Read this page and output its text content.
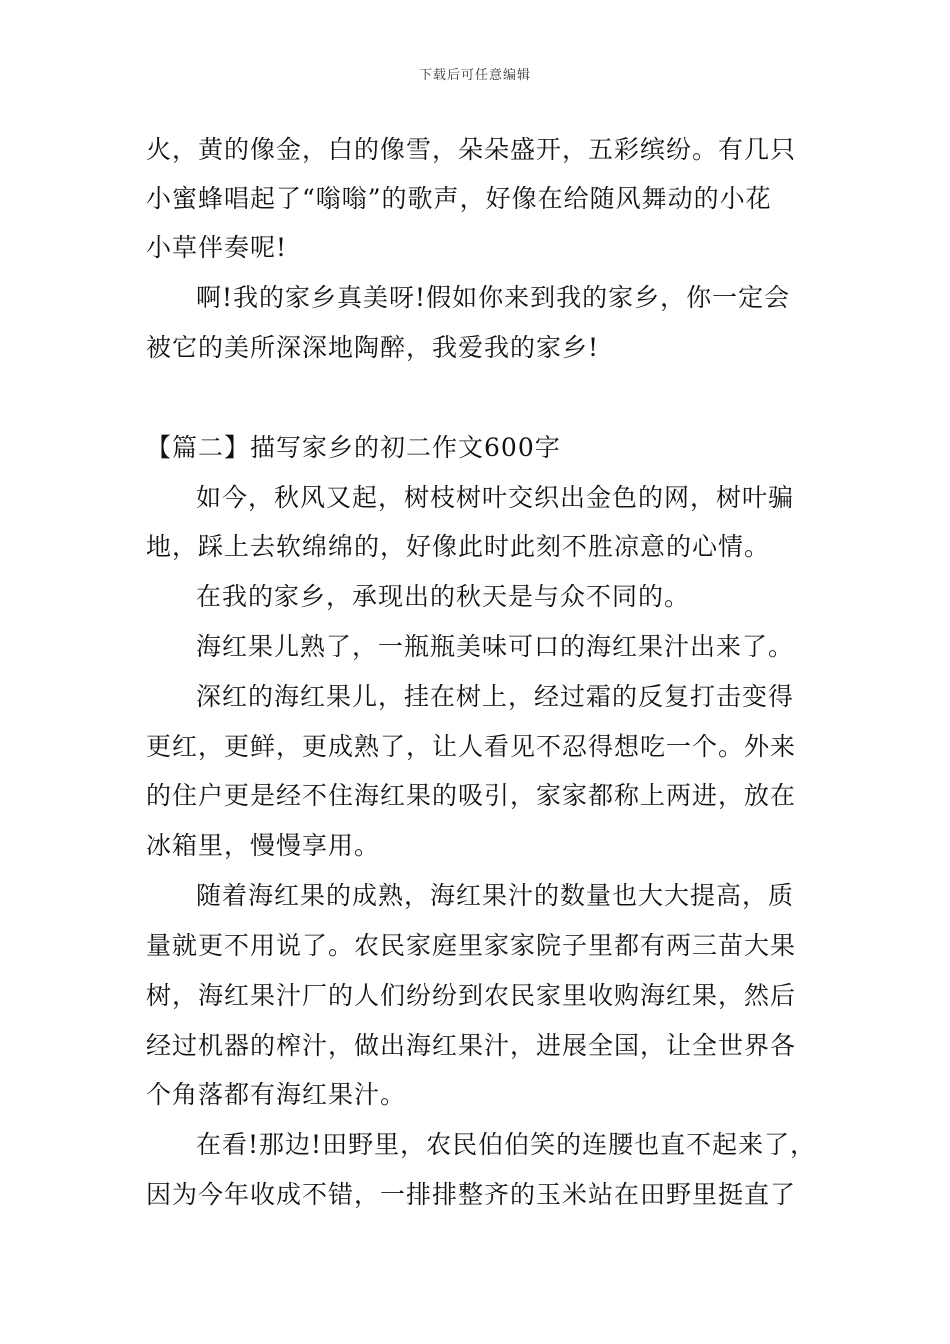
下载后可任意编辑
火，黄的像金，白的像雪，朵朵盛开，五彩缤纷。有几只
小蜜蜂唱起了“嗡嗡”的歌声，好像在给随风舞动的小花
小草伴奏呢!
啊!我的家乡真美呀!假如你来到我的家乡，你一定会
被它的美所深深地陶醉，我爱我的家乡!
【篇二】描写家乡的初二作文600字
如今，秋风又起，树枝树叶交织出金色的网，树叶骗
地，踩上去软绵绵的，好像此时此刻不胜凉意的心情。
在我的家乡，承现出的秋天是与众不同的。
海红果儿熟了，一瓶瓶美味可口的海红果汁出来了。
深红的海红果儿，挂在树上，经过霜的反复打击变得
更红，更鲜，更成熟了，让人看见不忍得想吃一个。外来
的住户更是经不住海红果的吸引，家家都称上两进，放在
冰箱里，慢慢享用。
随着海红果的成熟，海红果汁的数量也大大提高，质
量就更不用说了。农民家庭里家家院子里都有两三苗大果
树，海红果汁厂的人们纷纷到农民家里收购海红果，然后
经过机器的榨汁，做出海红果汁，进展全国，让全世界各
个角落都有海红果汁。
在看!那边!田野里，农民伯伯笑的连腰也直不起来了，
因为今年收成不错，一排排整齐的玉米站在田野里挺直了
